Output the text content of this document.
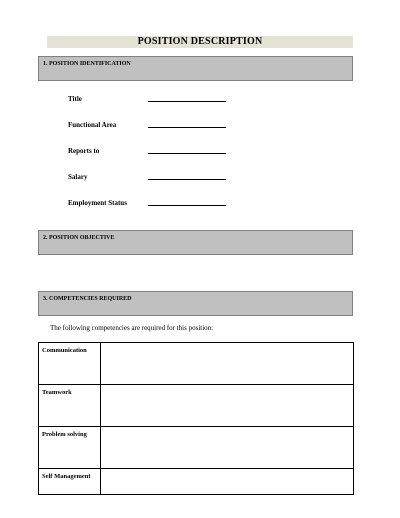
POSITION DESCRIPTION
1. POSITION IDENTIFICATION
Title
Functional Area
Reports to
Salary
Employment Status
2. POSITION OBJECTIVE
3. COMPETENCIES REQUIRED
The following competencies are required for this position:
Communication	
Teamwork	
Problem solving	
Self Management	
